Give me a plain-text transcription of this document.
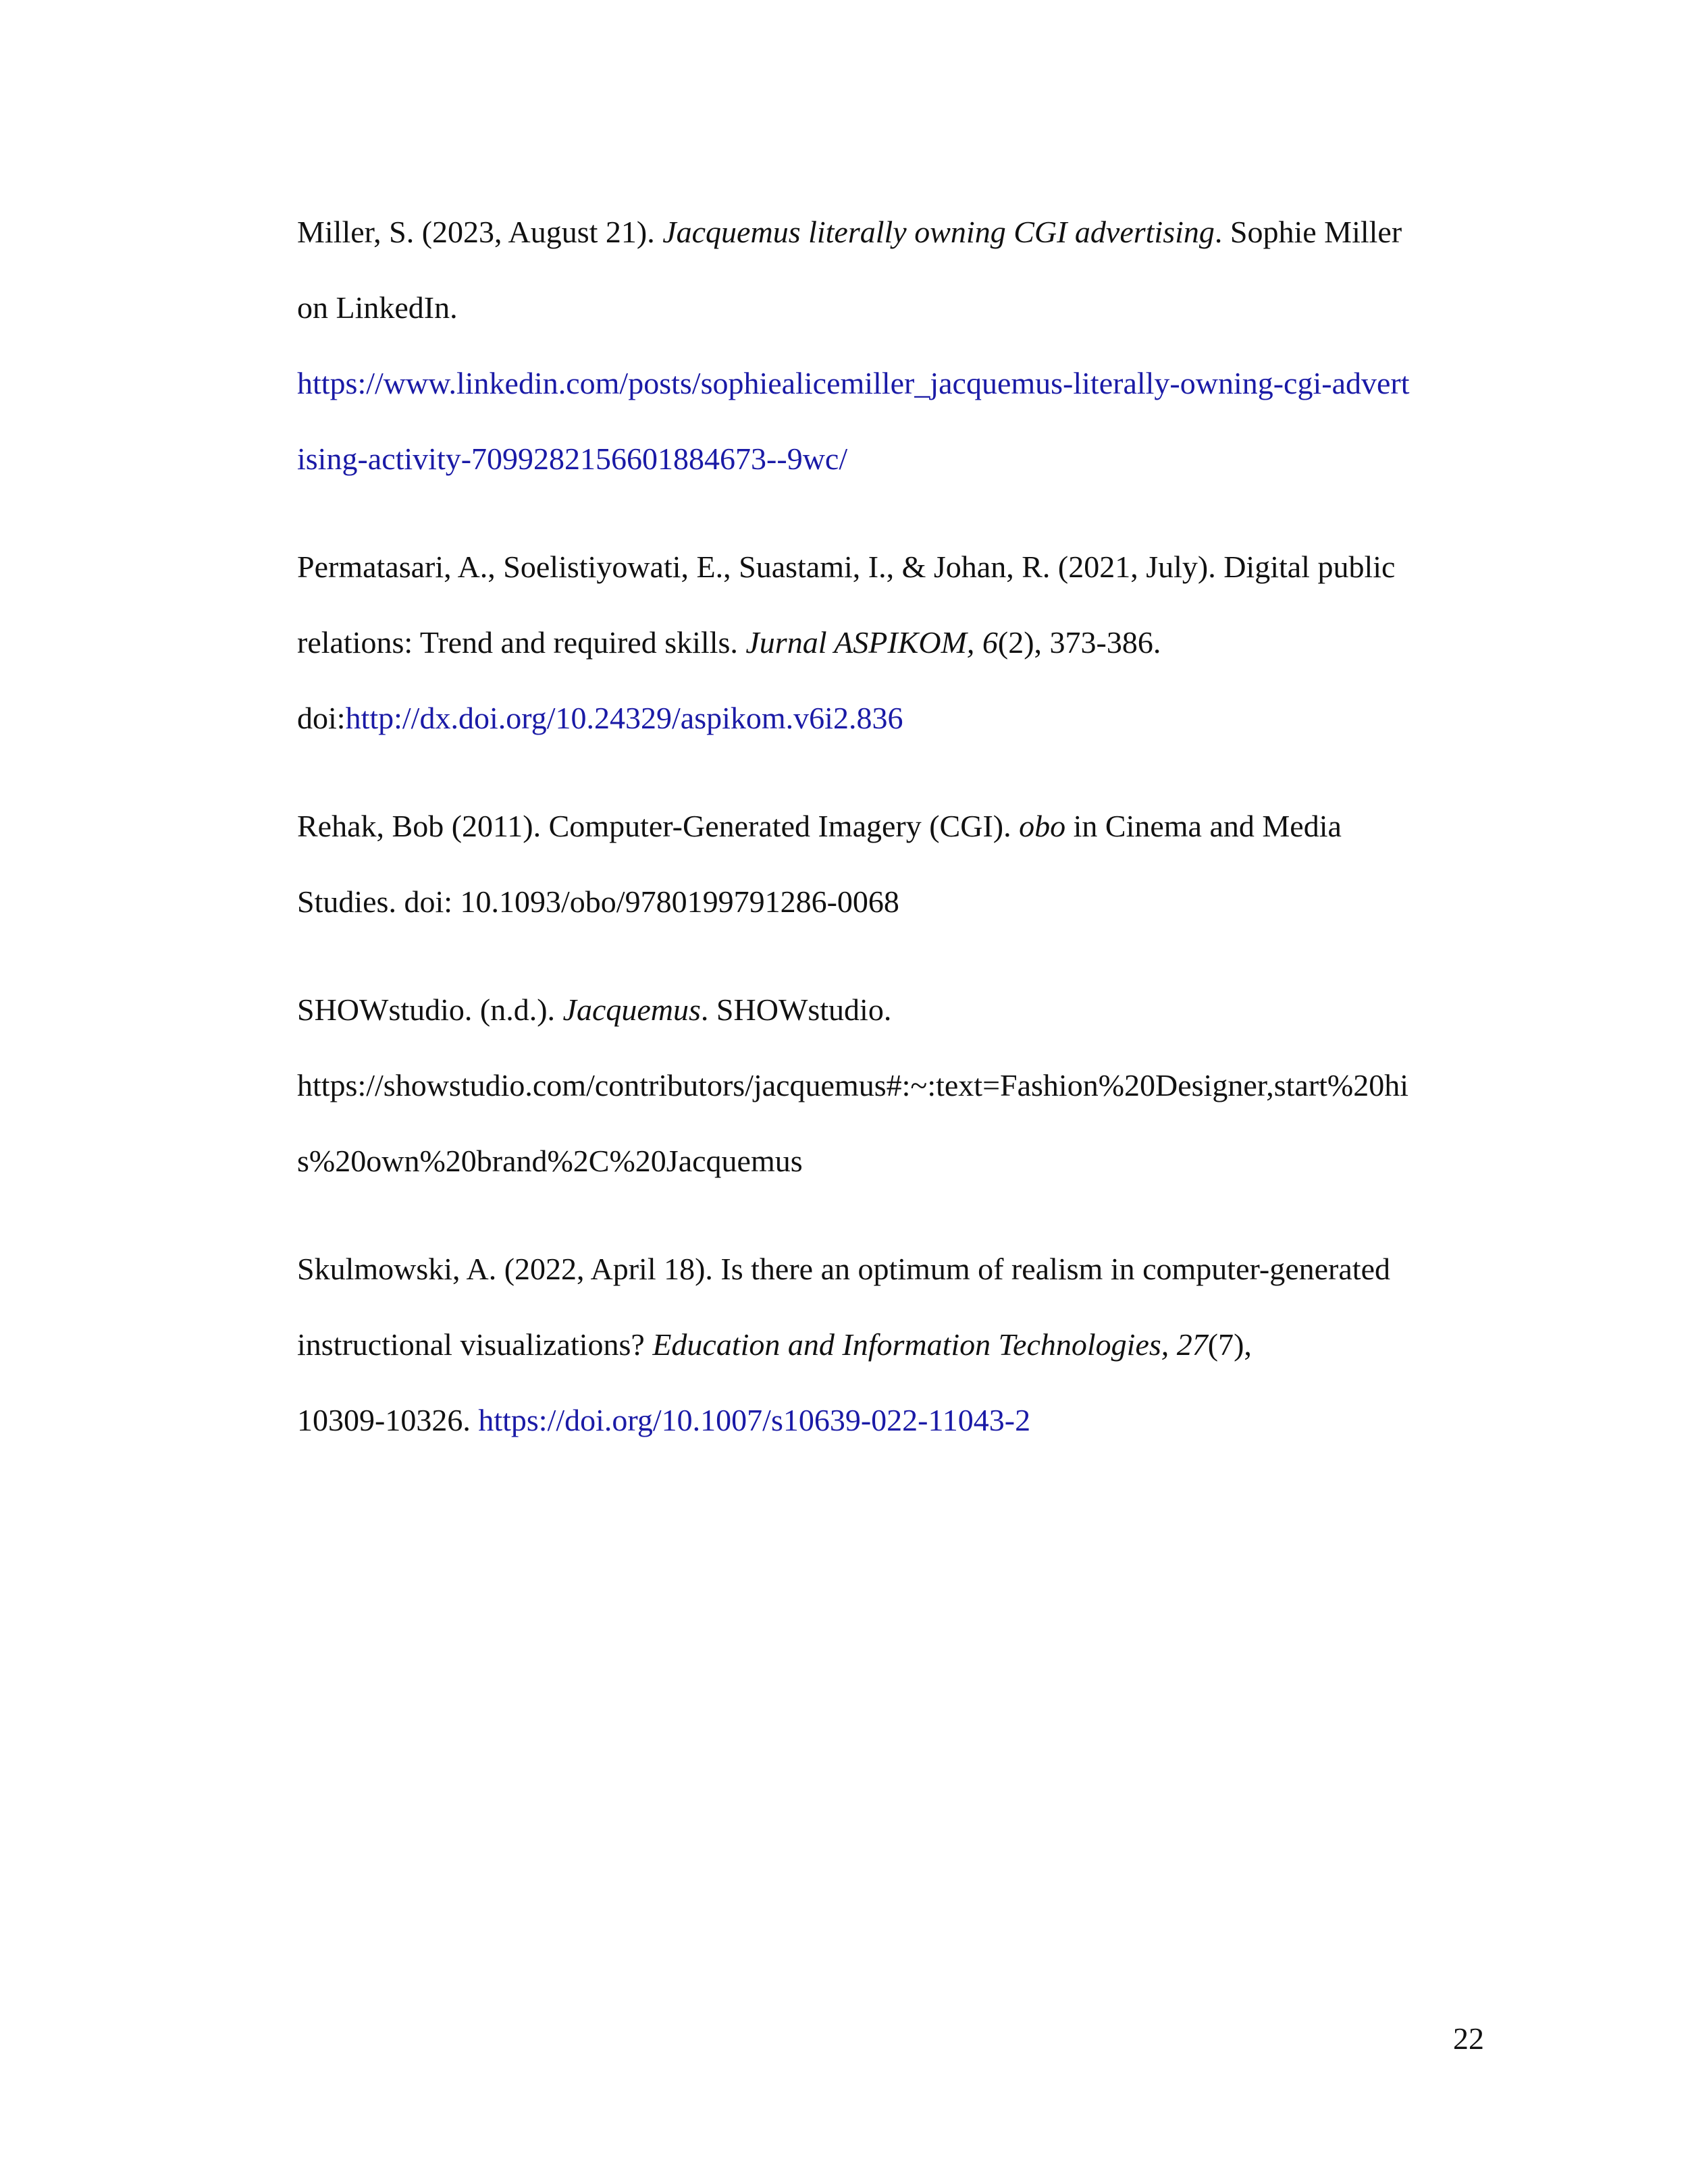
Miller, S. (2023, August 21). Jacquemus literally owning CGI advertising. Sophie Miller
on LinkedIn.
https://www.linkedin.com/posts/sophiealicemiller_jacquemus-literally-owning-cgi-advert
ising-activity-7099282156601884673--9wc/
Permatasari, A., Soelistiyowati, E., Suastami, I., & Johan, R. (2021, July). Digital public
relations: Trend and required skills. Jurnal ASPIKOM, 6(2), 373-386.
doi:http://dx.doi.org/10.24329/aspikom.v6i2.836
Rehak, Bob (2011). Computer-Generated Imagery (CGI). obo in Cinema and Media
Studies. doi: 10.1093/obo/9780199791286-0068
SHOWstudio. (n.d.). Jacquemus. SHOWstudio.
https://showstudio.com/contributors/jacquemus#:~:text=Fashion%20Designer,start%20hi
s%20own%20brand%2C%20Jacquemus
Skulmowski, A. (2022, April 18). Is there an optimum of realism in computer-generated
instructional visualizations? Education and Information Technologies, 27(7),
10309-10326. https://doi.org/10.1007/s10639-022-11043-2
22
